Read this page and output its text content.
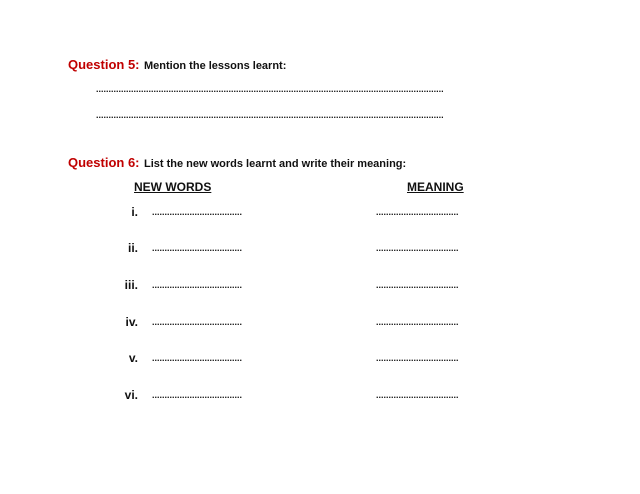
Question 5: Mention the lessons learnt:
...........................................................................................................................................
...........................................................................................................................................
Question 6: List the new words learnt and write their meaning:
NEW WORDS	MEANING
i. ....................................	.................................
ii. ....................................	.................................
iii. ....................................	.................................
iv. ....................................	.................................
v. ....................................	.................................
vi. ....................................	.................................
